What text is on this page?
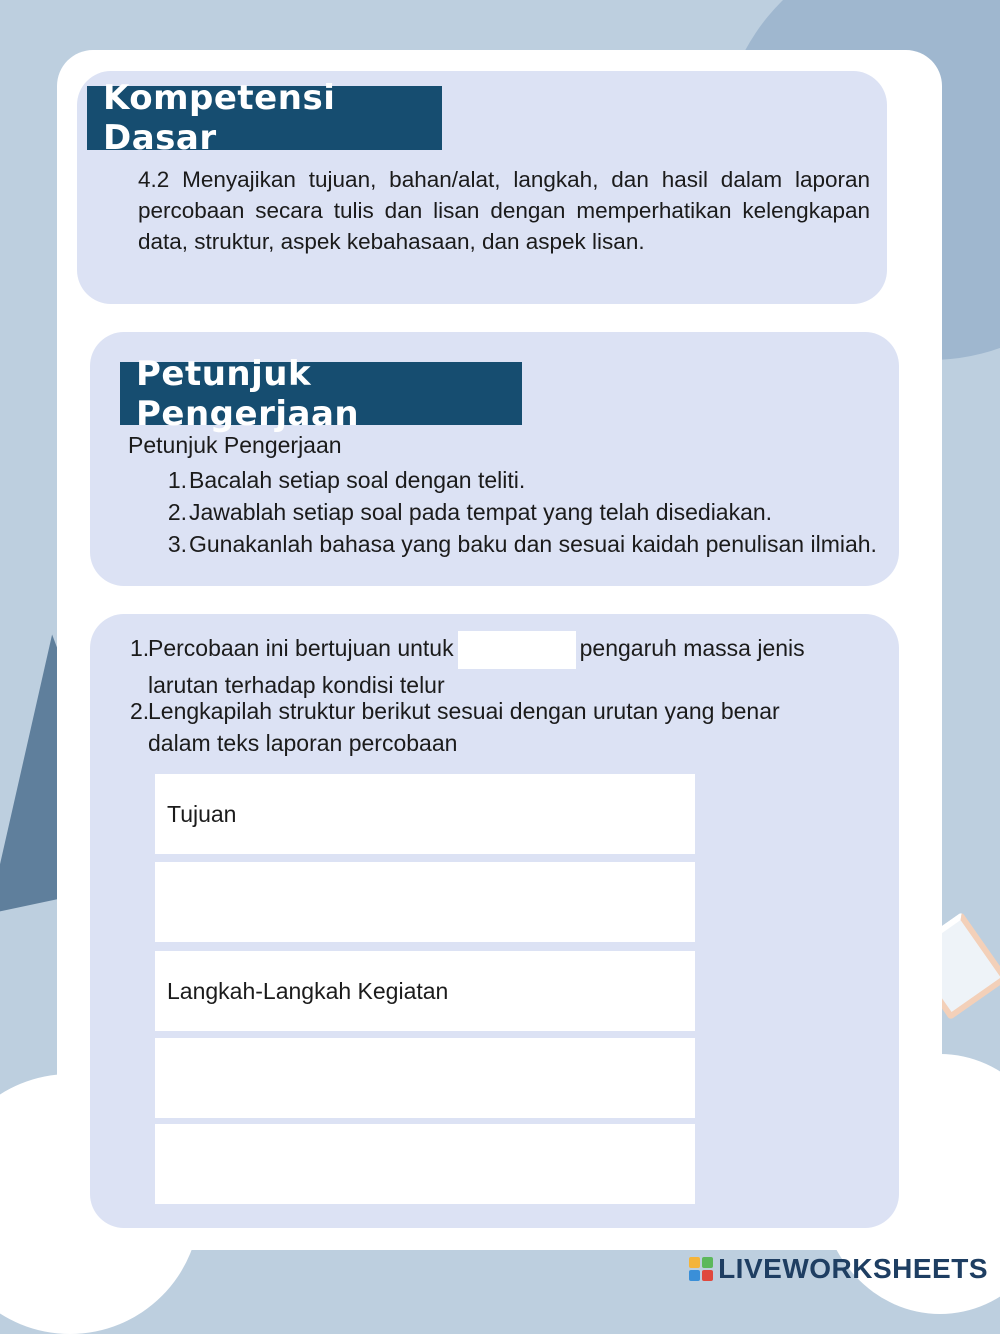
Kompetensi Dasar
4.2 Menyajikan tujuan, bahan/alat, langkah, dan hasil dalam laporan percobaan secara tulis dan lisan dengan memperhatikan kelengkapan data, struktur, aspek kebahasaan, dan aspek lisan.
Petunjuk Pengerjaan
Petunjuk Pengerjaan
1.Bacalah setiap soal dengan teliti.
2.Jawablah setiap soal pada tempat yang telah disediakan.
3.Gunakanlah bahasa yang baku dan sesuai kaidah penulisan ilmiah.
1.Percobaan ini bertujuan untuk	pengaruh massa jenis
larutan terhadap kondisi telur
2.Lengkapilah struktur berikut sesuai dengan urutan yang benar
dalam teks laporan percobaan
Tujuan
Langkah-Langkah Kegiatan
LIVEWORKSHEETS
